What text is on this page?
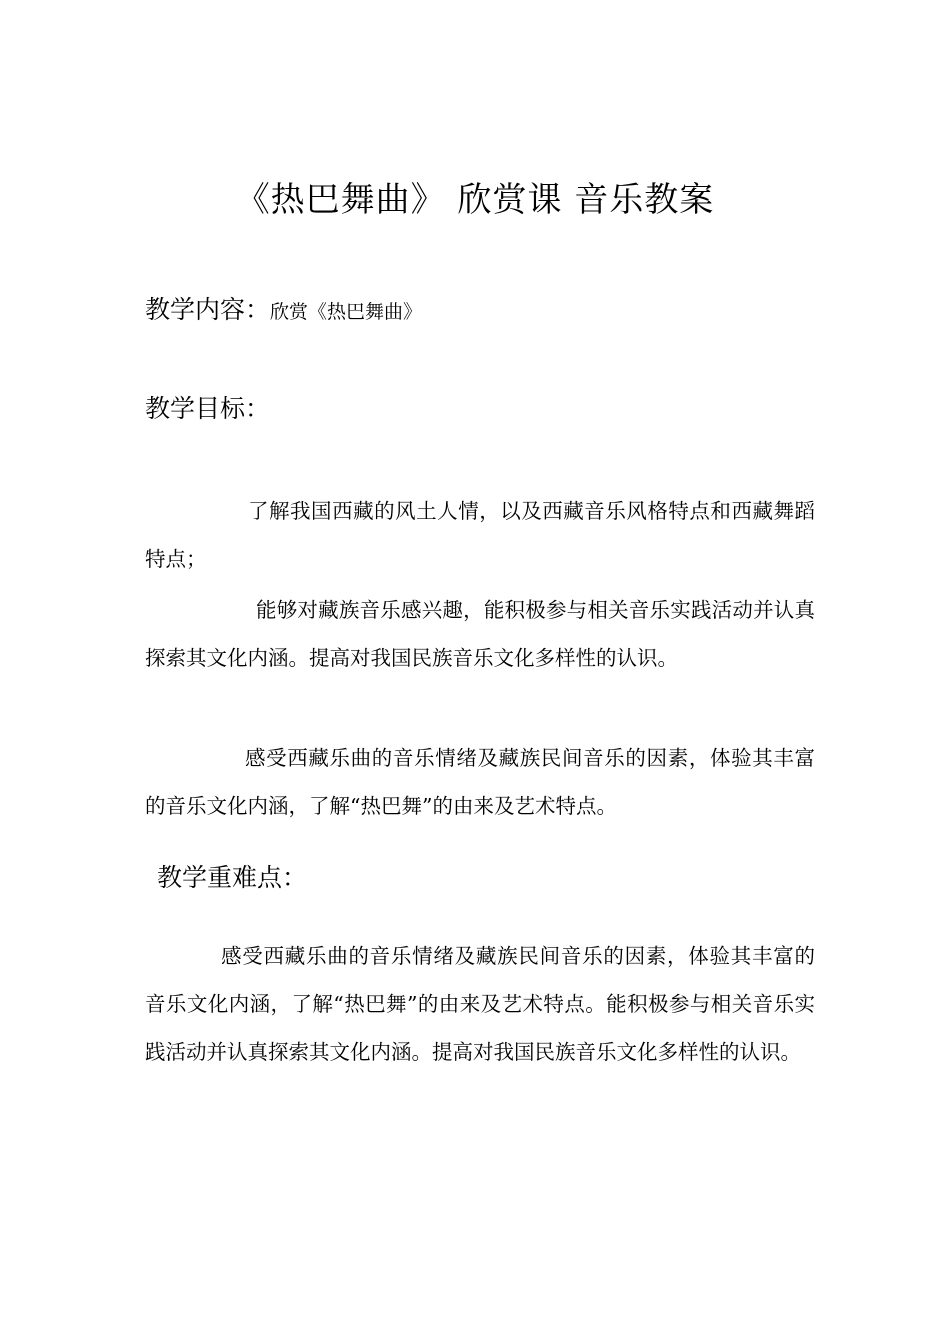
《热巴舞曲》 欣赏课 音乐教案
教学内容：欣赏《热巴舞曲》
教学目标：

了解我国西藏的风土人情，以及西藏音乐风格特点和西藏舞蹈特点；

能够对藏族音乐感兴趣，能积极参与相关音乐实践活动并认真探索其文化内涵。提高对我国民族音乐文化多样性的认识。

感受西藏乐曲的音乐情绪及藏族民间音乐的因素，体验其丰富的音乐文化内涵，了解“热巴舞”的由来及艺术特点。

教学重难点：

感受西藏乐曲的音乐情绪及藏族民间音乐的因素，体验其丰富的音乐文化内涵，了解“热巴舞”的由来及艺术特点。能积极参与相关音乐实践活动并认真探索其文化内涵。提高对我国民族音乐文化多样性的认识。
